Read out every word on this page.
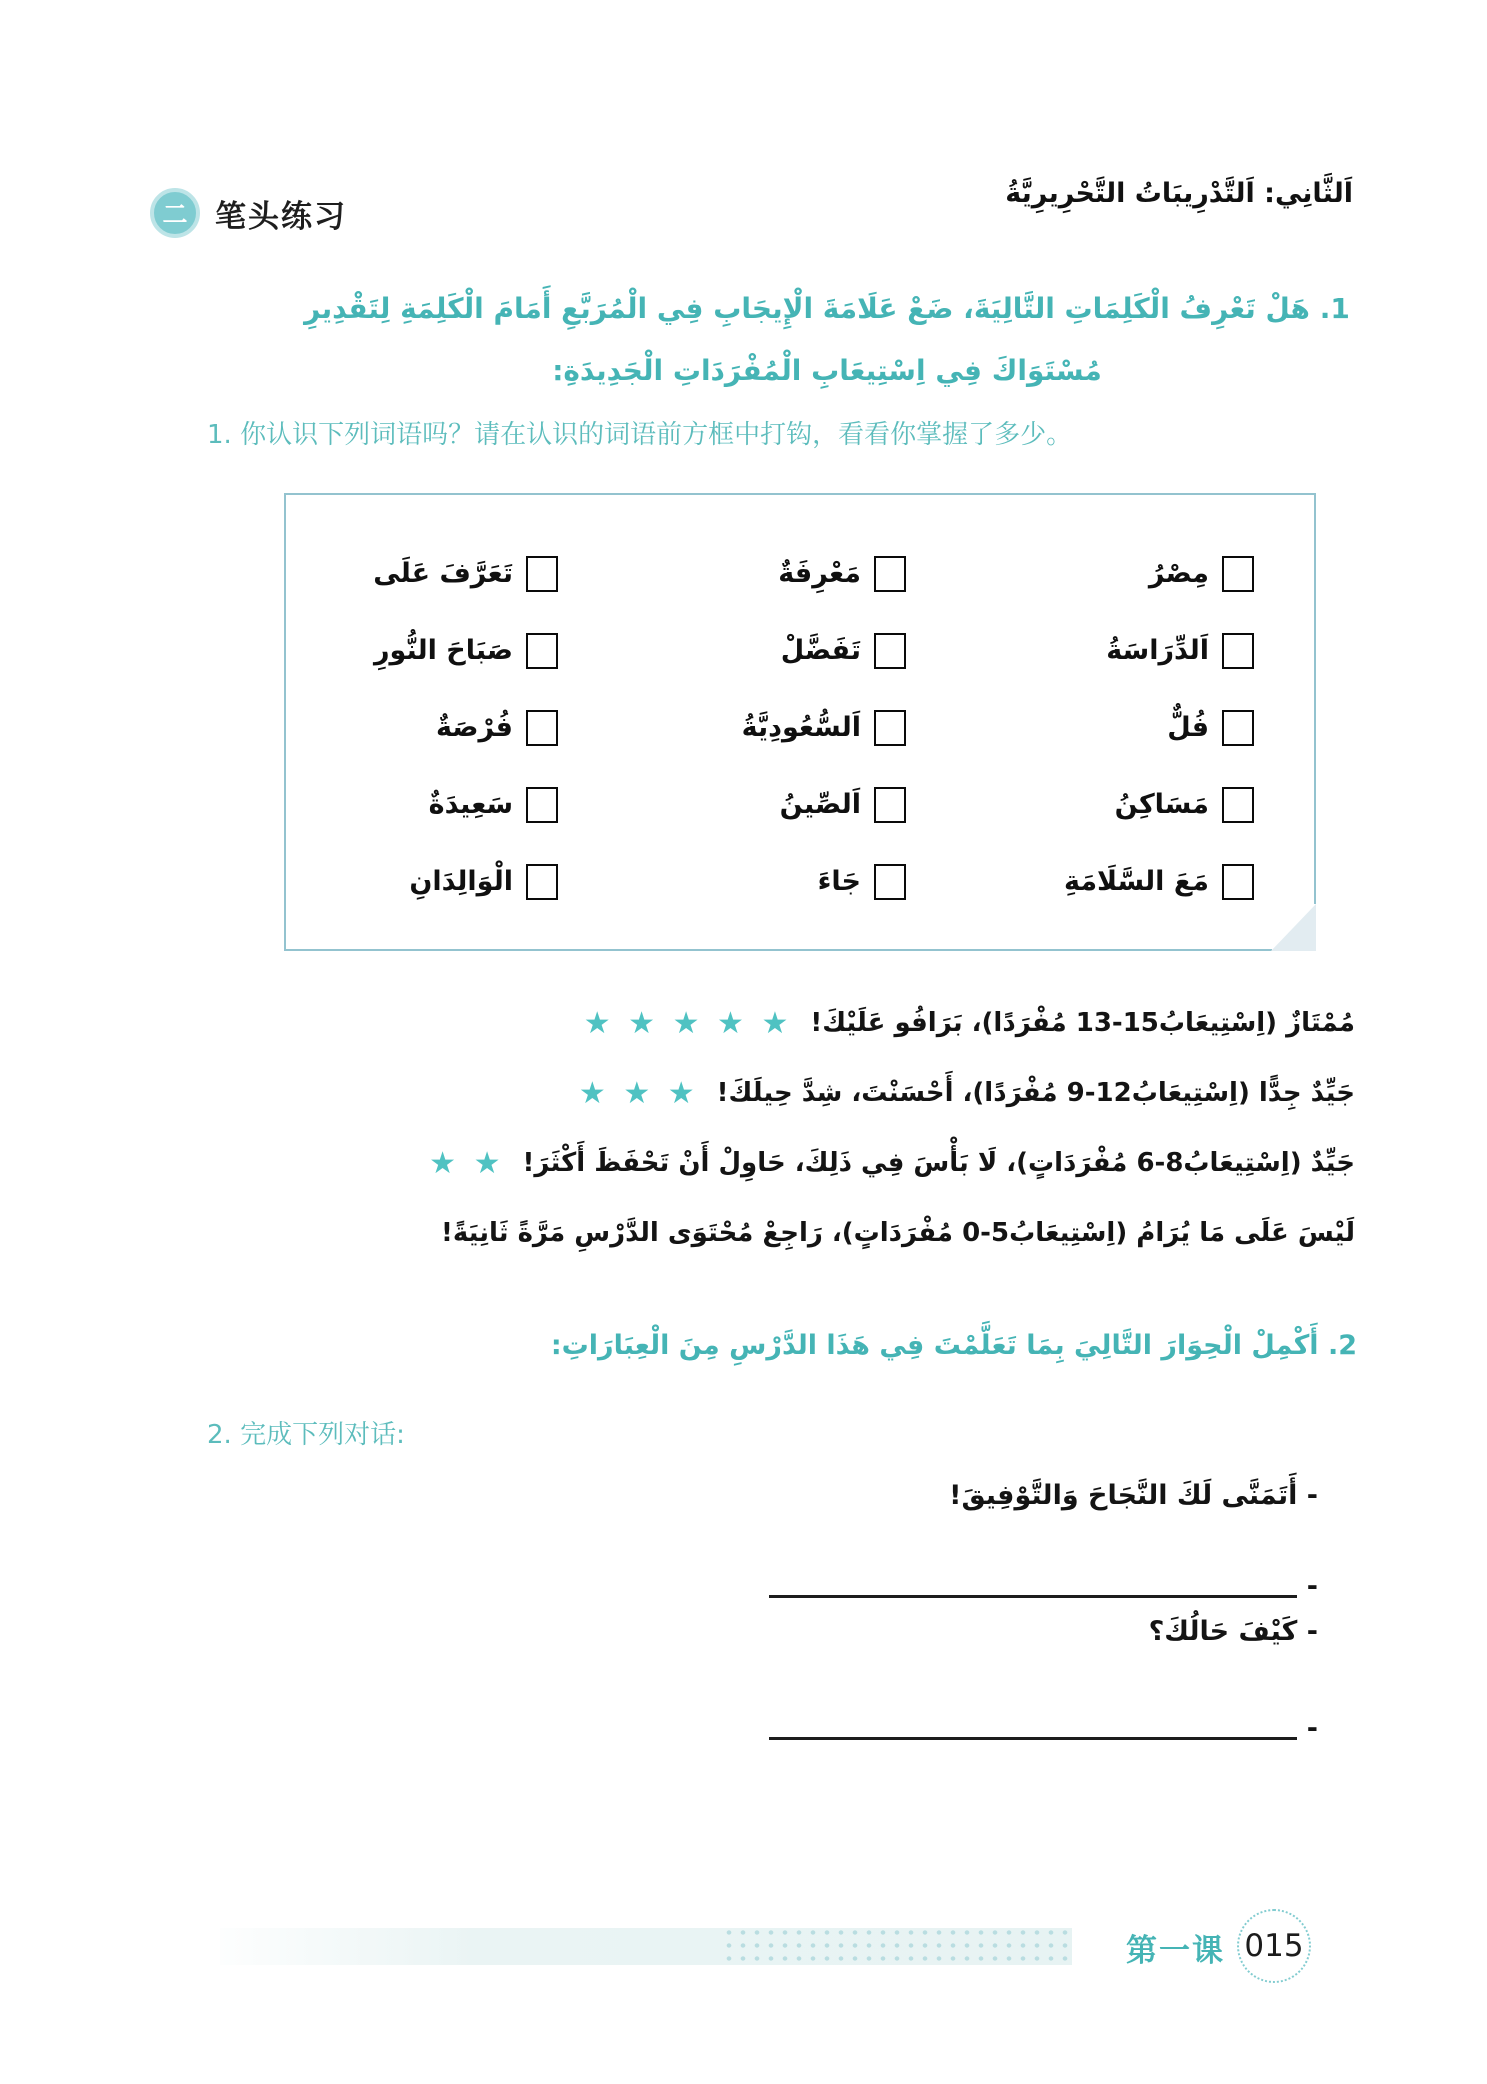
二 笔头练习
اَلثَّانِي: اَلتَّدْرِيبَاتُ التَّحْرِيرِيَّةُ
1. هَلْ تَعْرِفُ الْكَلِمَاتِ التَّالِيَةَ، ضَعْ عَلَامَةَ الْإِيجَابِ فِي الْمُرَبَّعِ أَمَامَ الْكَلِمَةِ لِتَقْدِيرِ مُسْتَوَاكَ فِي اِسْتِيعَابِ الْمُفْرَدَاتِ الْجَدِيدَةِ:
1. 你认识下列词语吗？请在认识的词语前方框中打钩，看看你掌握了多少。
مِصْرُ
مَعْرِفَةٌ
تَعَرَّفَ عَلَى
اَلدِّرَاسَةُ
تَفَضَّلْ
صَبَاحَ النُّورِ
فُلٌّ
اَلسُّعُودِيَّةُ
فُرْصَةٌ
مَسَاكِنُ
اَلصِّينُ
سَعِيدَةٌ
مَعَ السَّلَامَةِ
جَاءَ
الْوَالِدَانِ
★ ★ ★ ★ ★ مُمْتَازٌ (اِسْتِيعَابُ15-13 مُفْرَدًا)، بَرَافُو عَلَيْكَ!
★ ★ ★ جَيِّدٌ جِدًّا (اِسْتِيعَابُ12-9 مُفْرَدًا)، أَحْسَنْتَ، شِدَّ حِيلَكَ!
★ ★ جَيِّدٌ (اِسْتِيعَابُ8-6 مُفْرَدَاتٍ)، لَا بَأْسَ فِي ذَلِكَ، حَاوِلْ أَنْ تَحْفَظَ أَكْثَرَ!
لَيْسَ عَلَى مَا يُرَامُ (اِسْتِيعَابُ5-0 مُفْرَدَاتٍ)، رَاجِعْ مُحْتَوَى الدَّرْسِ مَرَّةً ثَانِيَةً!
2. أَكْمِلْ الْحِوَارَ التَّالِيَ بِمَا تَعَلَّمْتَ فِي هَذَا الدَّرْسِ مِنَ الْعِبَارَاتِ:
2. 完成下列对话:
- أَتَمَنَّى لَكَ النَّجَاحَ وَالتَّوْفِيقَ!
-
- كَيْفَ حَالُكَ؟
-
第一课 015
